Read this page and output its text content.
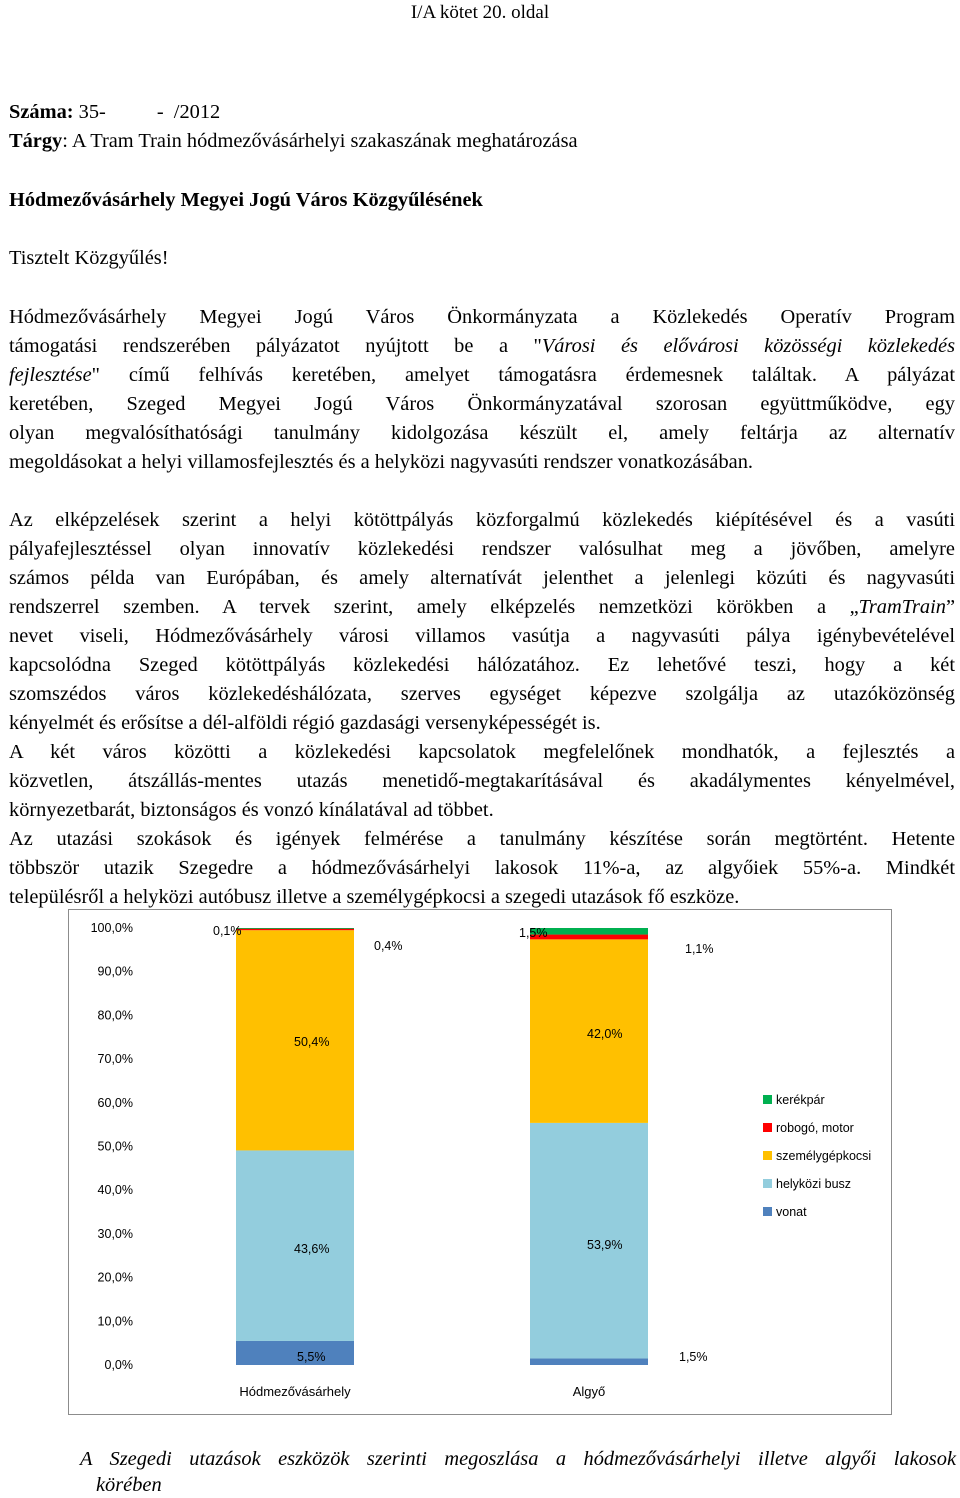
I/A kötet 20. oldal
Száma: 35-          -  /2012
Tárgy: A Tram Train hódmezővásárhelyi szakaszának meghatározása
Hódmezővásárhely Megyei Jogú Város Közgyűlésének
Tisztelt Közgyűlés!
Hódmezővásárhely Megyei Jogú Város Önkormányzata a Közlekedés Operatív Program
támogatási rendszerében pályázatot nyújtott be a "Városi és elővárosi közösségi közlekedés
fejlesztése" című felhívás keretében, amelyet támogatásra érdemesnek találtak. A pályázat
keretében, Szeged Megyei Jogú Város Önkormányzatával szorosan együttműködve, egy
olyan megvalósíthatósági tanulmány kidolgozása készült el, amely feltárja az alternatív
megoldásokat a helyi villamosfejlesztés és a helyközi nagyvasúti rendszer vonatkozásában.
Az elképzelések szerint a helyi kötöttpályás közforgalmú közlekedés kiépítésével és a vasúti
pályafejlesztéssel olyan innovatív közlekedési rendszer valósulhat meg a jövőben, amelyre
számos példa van Európában, és amely alternatívát jelenthet a jelenlegi közúti és nagyvasúti
rendszerrel szemben. A tervek szerint, amely elképzelés nemzetközi körökben a „TramTrain”
nevet viseli, Hódmezővásárhely városi villamos vasútja a nagyvasúti pálya igénybevételével
kapcsolódna Szeged kötöttpályás közlekedési hálózatához. Ez lehetővé teszi, hogy a két
szomszédos város közlekedéshálózata, szerves egységet képezve szolgálja az utazóközönség
kényelmét és erősítse a dél-alföldi régió gazdasági versenyképességét is.
A két város közötti a közlekedési kapcsolatok megfelelőnek mondhatók, a fejlesztés a
közvetlen, átszállás-mentes utazás menetidő-megtakarításával és akadálymentes kényelmével,
környezetbarát, biztonságos és vonzó kínálatával ad többet.
Az utazási szokások és igények felmérése a tanulmány készítése során megtörtént. Hetente
többször utazik Szegedre a hódmezővásárhelyi lakosok 11%-a, az algyőiek 55%-a. Mindkét
településről a helyközi autóbusz illetve a személygépkocsi a szegedi utazások fő eszköze.
0,0%
10,0%
20,0%
30,0%
40,0%
50,0%
60,0%
70,0%
80,0%
90,0%
100,0%
Hódmezővásárhely
5,5%
43,6%
50,4%
0,4%
0,1%
Algyő
1,5%
53,9%
42,0%
1,1%
1,5%
kerékpár
robogó, motor
személygépkocsi
helyközi busz
vonat
A Szegedi utazások eszközök szerinti megoszlása a hódmezővásárhelyi illetve algyői lakosok
körében
